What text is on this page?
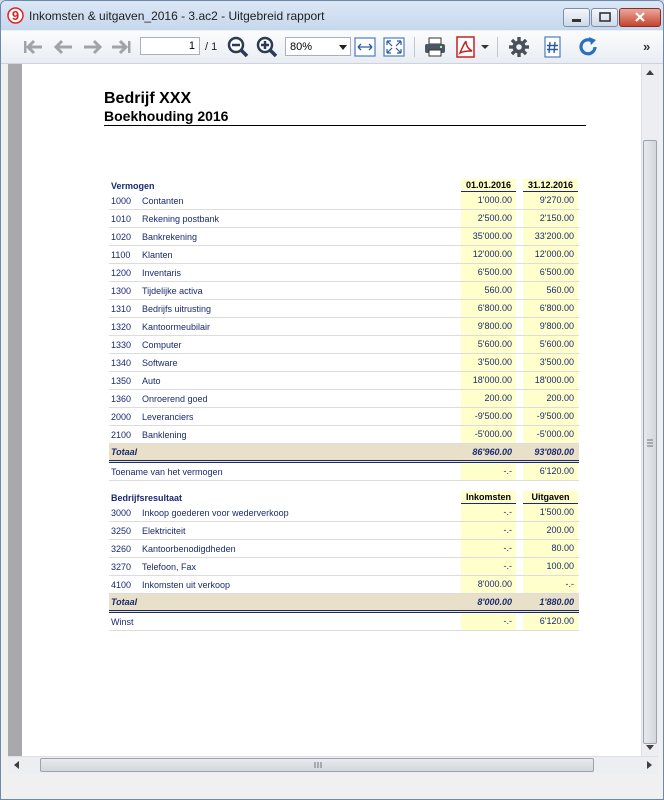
9 Inkomsten & uitgaven_2016 - 3.ac2 - Uitgebreid rapport
1
/ 1	80%	»
Bedrijf XXX
Boekhouding 2016
Vermogen	01.01.2016	31.12.2016
1000 Contanten	1'000.00	9'270.00
1010 Rekening postbank	2'500.00	2'150.00
1020 Bankrekening	35'000.00	33'200.00
1100 Klanten	12'000.00	12'000.00
1200 Inventaris	6'500.00	6'500.00
1300 Tijdelijke activa	560.00	560.00
1310 Bedrijfs uitrusting	6'800.00	6'800.00
1320 Kantoormeubilair	9'800.00	9'800.00
1330 Computer	5'600.00	5'600.00
1340 Software	3'500.00	3'500.00
1350 Auto	18'000.00	18'000.00
1360 Onroerend goed	200.00	200.00
2000 Leveranciers	-9'500.00	-9'500.00
2100 Banklening	-5'000.00	-5'000.00
Totaal	86'960.00	93'080.00
Toename van het vermogen	-.-	6'120.00
Bedrijfsresultaat	Inkomsten	Uitgaven
3000 Inkoop goederen voor wederverkoop	-.-	1'500.00
3250 Elektriciteit	-.-	200.00
3260 Kantoorbenodigdheden	-.-	80.00
3270 Telefoon, Fax	-.-	100.00
4100 Inkomsten uit verkoop	8'000.00	-.-
Totaal	8'000.00	1'880.00
Winst	-.-	6'120.00
